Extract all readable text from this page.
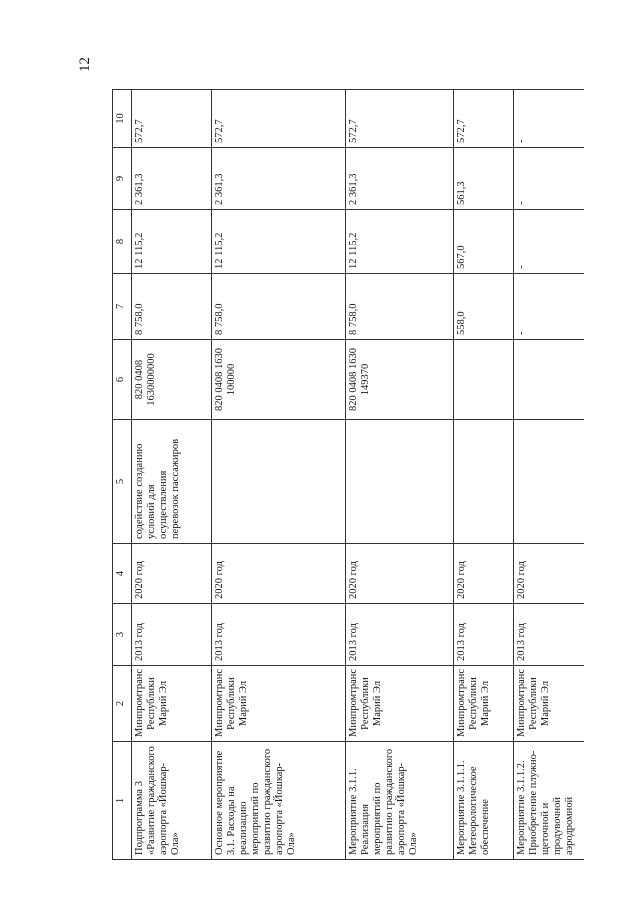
12
1	2	3	4	5	6	7	8	9	10
Подпрограмма 3 «Развитие гражданского аэропорта «Йошкар-Ола»	Минпромтранс Республики Марий Эл	2013 год	2020 год	содействие созданию условий для осуществления перевозок пассажиров	820 0408 1630000000	8 758,0	12 115,2	2 361,3	572,7
Основное мероприятие 3.1. Расходы на реализацию мероприятий по развитию гражданского аэропорта «Йошкар-Ола»	Минпромтранс Республики Марий Эл	2013 год	2020 год		820 0408 1630 100000	8 758,0	12 115,2	2 361,3	572,7
Мероприятие 3.1.1. Реализация мероприятий по развитию гражданского аэропорта «Йошкар-Ола»	Минпромтранс Республики Марий Эл	2013 год	2020 год		820 0408 1630 149370	8 758,0	12 115,2	2 361,3	572,7
Мероприятие 3.1.1.1. Метеорологическое обеспечение	Минпромтранс Республики Марий Эл	2013 год	2020 год			558,0	567,0	561,3	572,7
Мероприятие 3.1.1.2. Приобретение плужно-щеточной и продувочной аэродромной	Минпромтранс Республики Марий Эл	2013 год	2020 год			-	-	-	-
